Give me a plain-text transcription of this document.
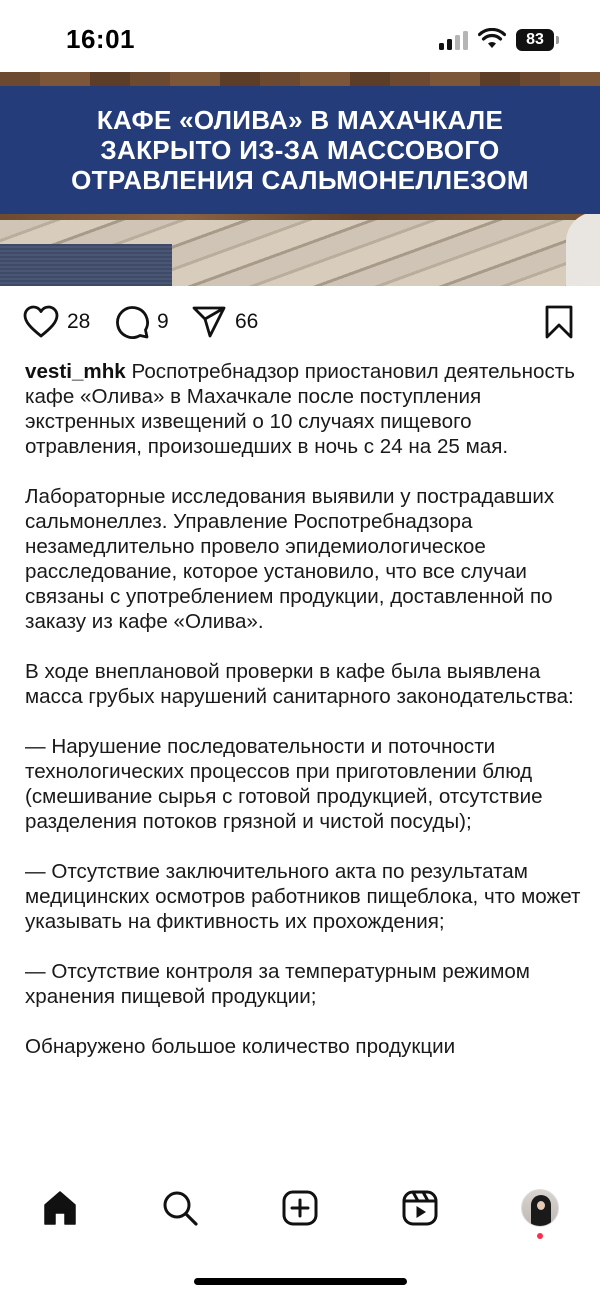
16:01	83
КАФЕ «ОЛИВА» В МАХАЧКАЛЕ
ЗАКРЫТО ИЗ-ЗА МАССОВОГО
ОТРАВЛЕНИЯ САЛЬМОНЕЛЛЕЗОМ
28	9	66

vesti_mhk Роспотребнадзор приостановил деятельность кафе «Олива» в Махачкале после поступления экстренных извещений о 10 случаях пищевого отравления, произошедших в ночь с 24 на 25 мая.

Лабораторные исследования выявили у пострадавших сальмонеллез. Управление Роспотребнадзора незамедлительно провело эпидемиологическое расследование, которое установило, что все случаи связаны с употреблением продукции, доставленной по заказу из кафе «Олива».

В ходе внеплановой проверки в кафе была выявлена масса грубых нарушений санитарного законодательства:

— Нарушение последовательности и поточности технологических процессов при приготовлении блюд (смешивание сырья с готовой продукцией, отсутствие разделения потоков грязной и чистой посуды);

— Отсутствие заключительного акта по результатам медицинских осмотров работников пищеблока, что может указывать на фиктивность их прохождения;

— Отсутствие контроля за температурным режимом хранения пищевой продукции;

Обнаружено большое количество продукции
